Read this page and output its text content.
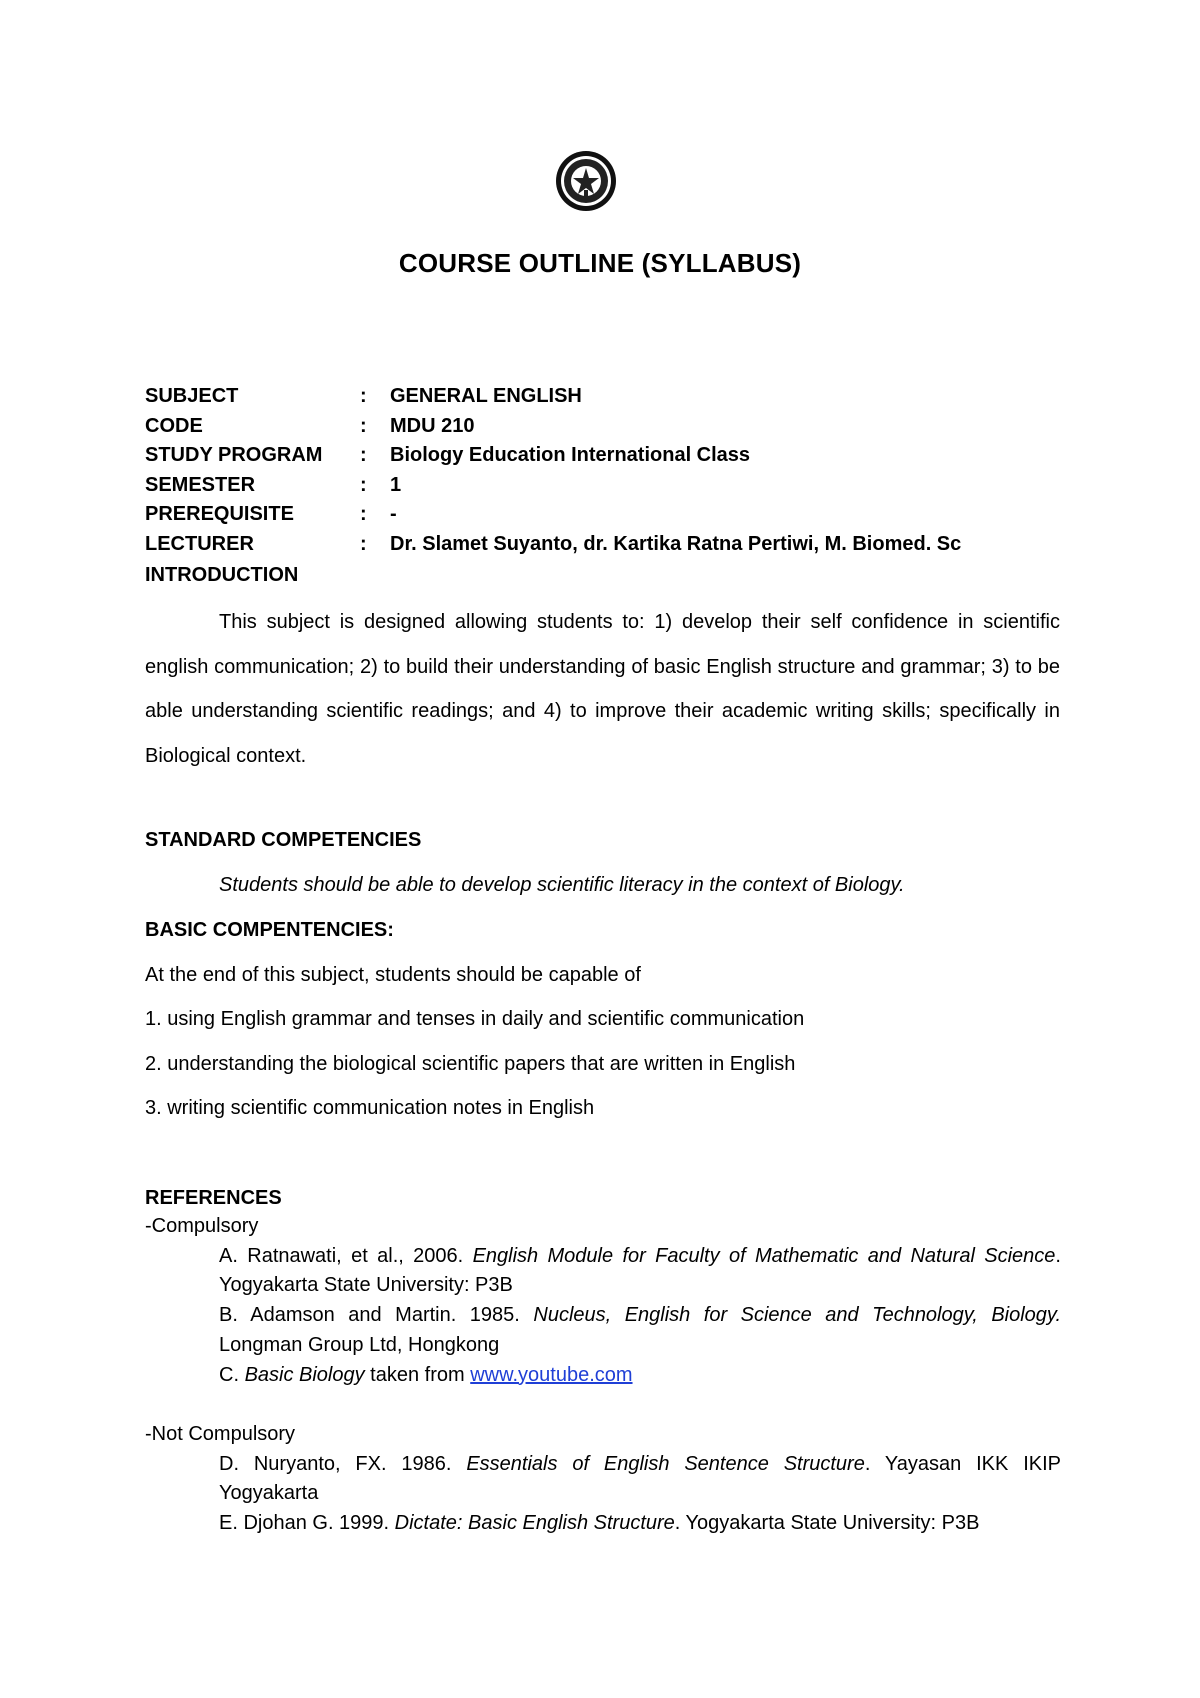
COURSE OUTLINE (SYLLABUS)
SUBJECT	: GENERAL ENGLISH
CODE	: MDU 210
STUDY PROGRAM : Biology Education International Class
SEMESTER	: 1
PREREQUISITE	: -
LECTURER	: Dr. Slamet Suyanto, dr. Kartika Ratna Pertiwi, M. Biomed. Sc
INTRODUCTION
This subject is designed allowing students to: 1) develop their self confidence in scientific english communication; 2) to build their understanding of basic English structure and grammar; 3) to be able understanding scientific readings; and 4) to improve their academic writing skills; specifically in Biological context.
STANDARD COMPETENCIES
Students should be able to develop scientific literacy in the context of Biology.
BASIC COMPENTENCIES:
At the end of this subject, students should be capable of
1. using English grammar and tenses in daily and scientific communication
2. understanding the biological scientific papers that are written in English
3. writing scientific communication notes in English
REFERENCES
-Compulsory
A. Ratnawati, et al., 2006. English Module for Faculty of Mathematic and Natural Science. Yogyakarta State University: P3B
B. Adamson and Martin. 1985. Nucleus, English for Science and Technology, Biology. Longman Group Ltd, Hongkong
C. Basic Biology taken from www.youtube.com
-Not Compulsory
D. Nuryanto, FX. 1986. Essentials of English Sentence Structure. Yayasan IKK IKIP Yogyakarta
E. Djohan G. 1999. Dictate: Basic English Structure. Yogyakarta State University: P3B
